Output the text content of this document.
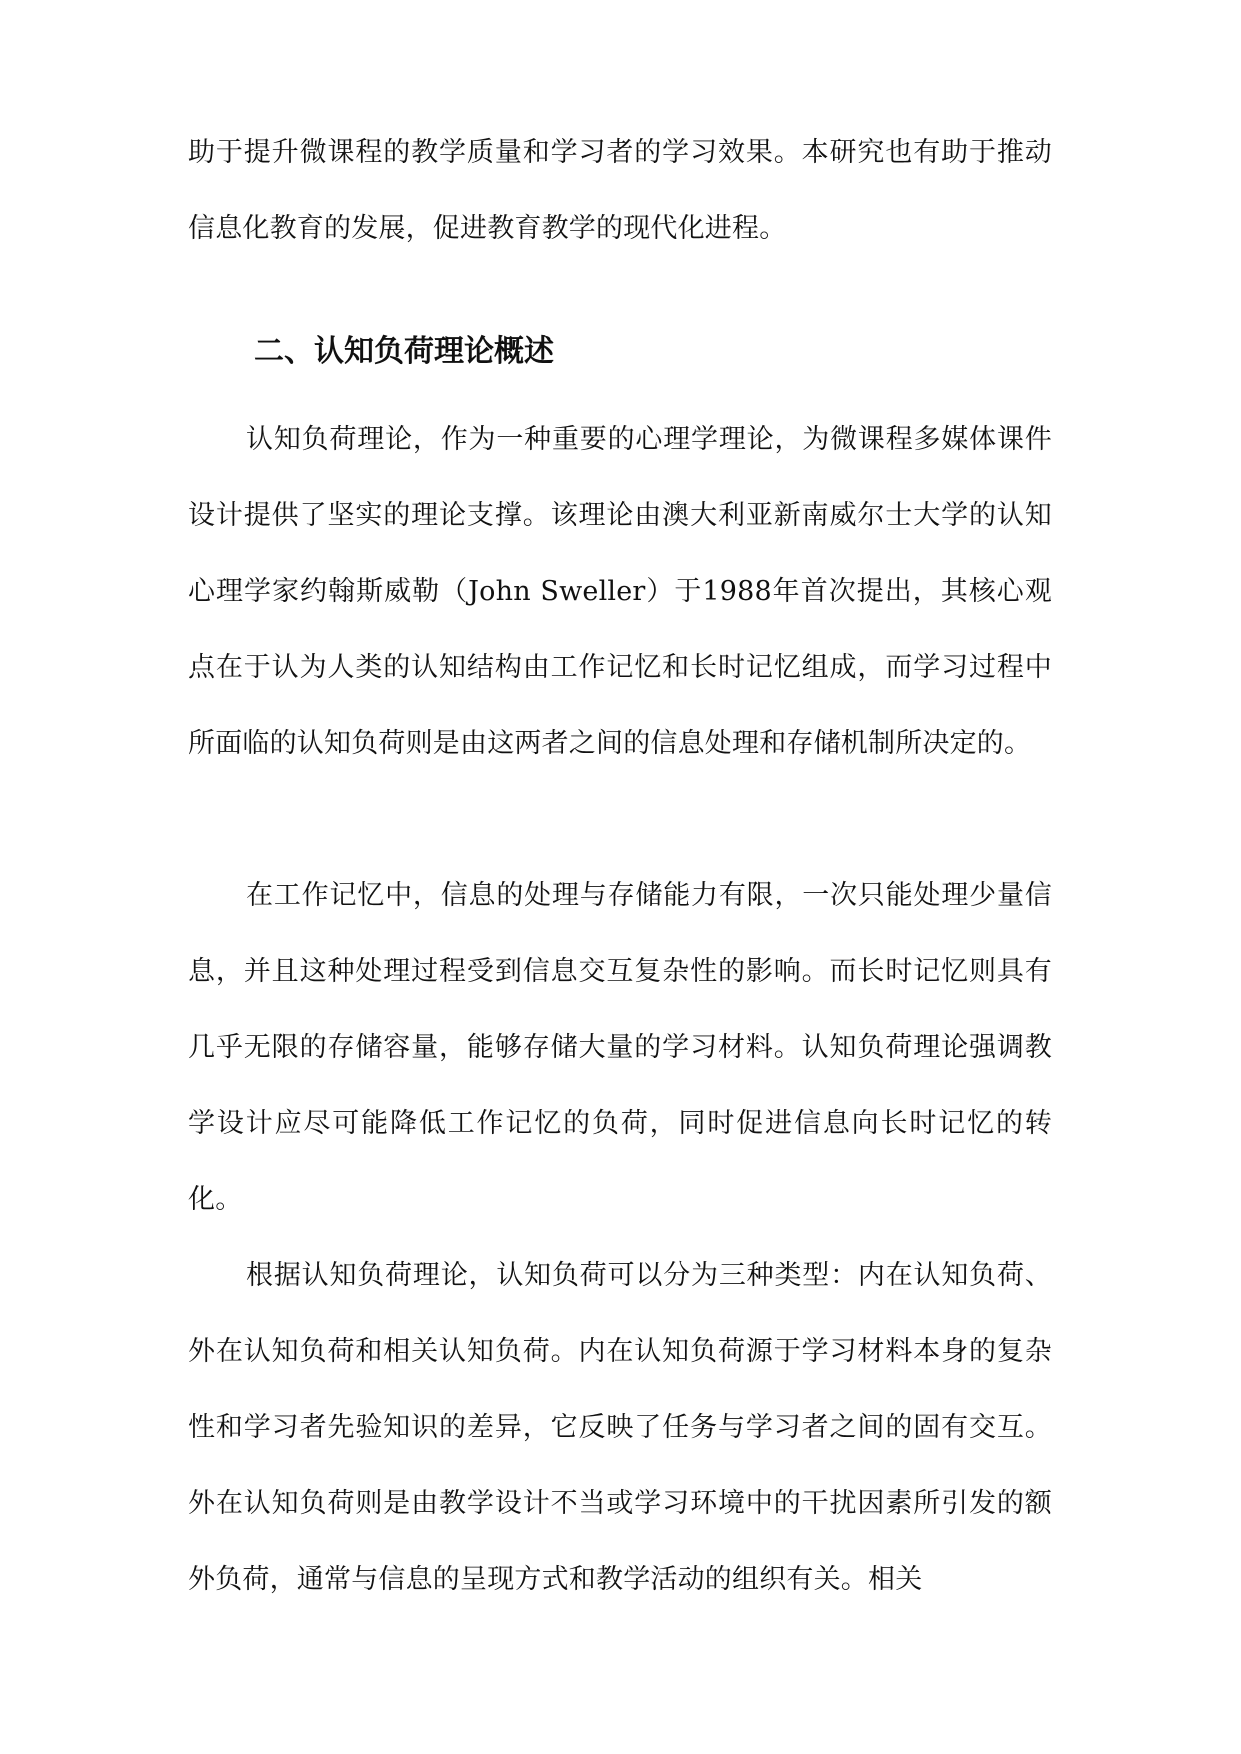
助于提升微课程的教学质量和学习者的学习效果。本研究也有助于推动信息化教育的发展，促进教育教学的现代化进程。

二、认知负荷理论概述

认知负荷理论，作为一种重要的心理学理论，为微课程多媒体课件设计提供了坚实的理论支撑。该理论由澳大利亚新南威尔士大学的认知心理学家约翰斯威勒（John Sweller）于1988年首次提出，其核心观点在于认为人类的认知结构由工作记忆和长时记忆组成，而学习过程中所面临的认知负荷则是由这两者之间的信息处理和存储机制所决定的。

在工作记忆中，信息的处理与存储能力有限，一次只能处理少量信息，并且这种处理过程受到信息交互复杂性的影响。而长时记忆则具有几乎无限的存储容量，能够存储大量的学习材料。认知负荷理论强调教学设计应尽可能降低工作记忆的负荷，同时促进信息向长时记忆的转化。

根据认知负荷理论，认知负荷可以分为三种类型：内在认知负荷、外在认知负荷和相关认知负荷。内在认知负荷源于学习材料本身的复杂性和学习者先验知识的差异，它反映了任务与学习者之间的固有交互。外在认知负荷则是由教学设计不当或学习环境中的干扰因素所引发的额外负荷，通常与信息的呈现方式和教学活动的组织有关。相关
